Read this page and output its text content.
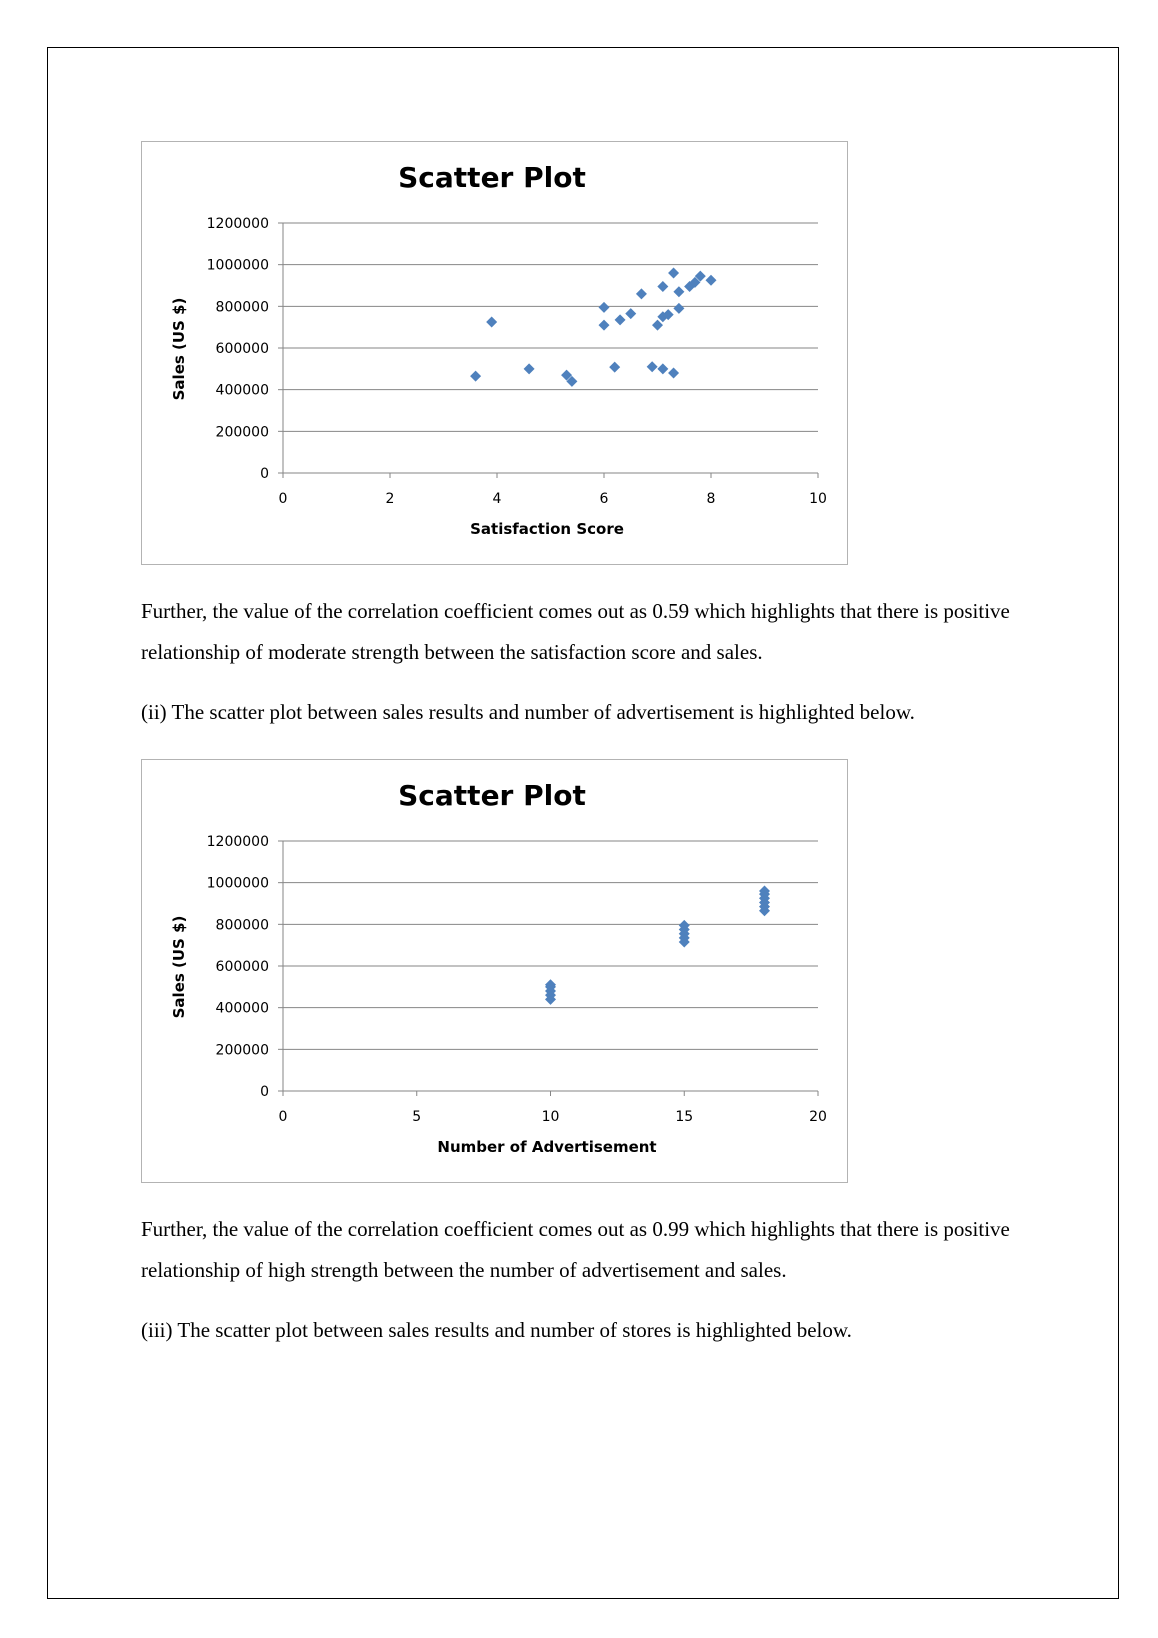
Scatter Plot
0
200000
400000
600000
800000
1000000
1200000
0	2	4	6	8	10
Satisfaction Score
Sales (US $)

Further, the value of the correlation coefficient comes out as 0.59 which highlights that there is positive relationship of moderate strength between the satisfaction score and sales.

(ii) The scatter plot between sales results and number of advertisement is highlighted below.

Scatter Plot
0
200000
400000
600000
800000
1000000
1200000
0	5	10	15	20
Number of Advertisement
Sales (US $)

Further, the value of the correlation coefficient comes out as 0.99 which highlights that there is positive relationship of high strength between the number of advertisement and sales.

(iii) The scatter plot between sales results and number of stores is highlighted below.
